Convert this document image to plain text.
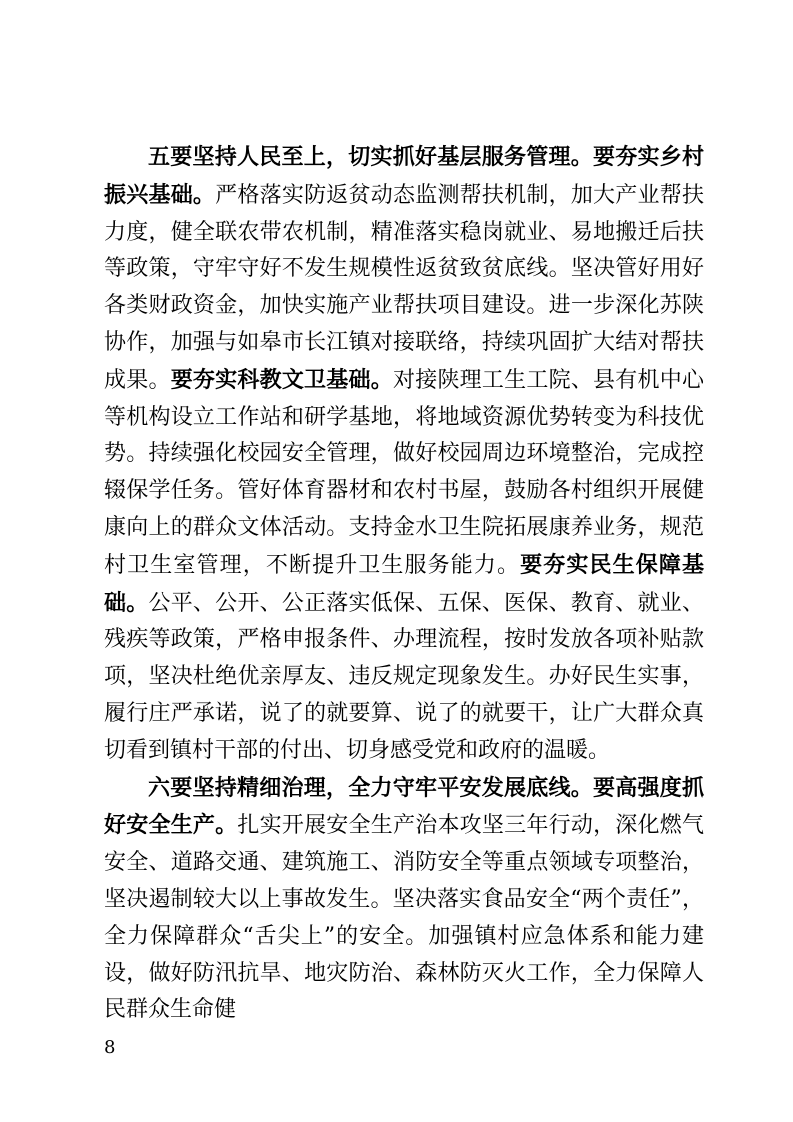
五要坚持人民至上，切实抓好基层服务管理。要夯实乡村振兴基础。严格落实防返贫动态监测帮扶机制，加大产业帮扶力度，健全联农带农机制，精准落实稳岗就业、易地搬迁后扶等政策，守牢守好不发生规模性返贫致贫底线。坚决管好用好各类财政资金，加快实施产业帮扶项目建设。进一步深化苏陕协作，加强与如皋市长江镇对接联络，持续巩固扩大结对帮扶成果。要夯实科教文卫基础。对接陕理工生工院、县有机中心等机构设立工作站和研学基地，将地域资源优势转变为科技优势。持续强化校园安全管理，做好校园周边环境整治，完成控辍保学任务。管好体育器材和农村书屋，鼓励各村组织开展健康向上的群众文体活动。支持金水卫生院拓展康养业务，规范村卫生室管理，不断提升卫生服务能力。要夯实民生保障基础。公平、公开、公正落实低保、五保、医保、教育、就业、残疾等政策，严格申报条件、办理流程，按时发放各项补贴款项，坚决杜绝优亲厚友、违反规定现象发生。办好民生实事，履行庄严承诺，说了的就要算、说了的就要干，让广大群众真切看到镇村干部的付出、切身感受党和政府的温暖。

六要坚持精细治理，全力守牢平安发展底线。要高强度抓好安全生产。扎实开展安全生产治本攻坚三年行动，深化燃气安全、道路交通、建筑施工、消防安全等重点领域专项整治，坚决遏制较大以上事故发生。坚决落实食品安全“两个责任”，全力保障群众“舌尖上”的安全。加强镇村应急体系和能力建设，做好防汛抗旱、地灾防治、森林防灭火工作，全力保障人民群众生命健

8
